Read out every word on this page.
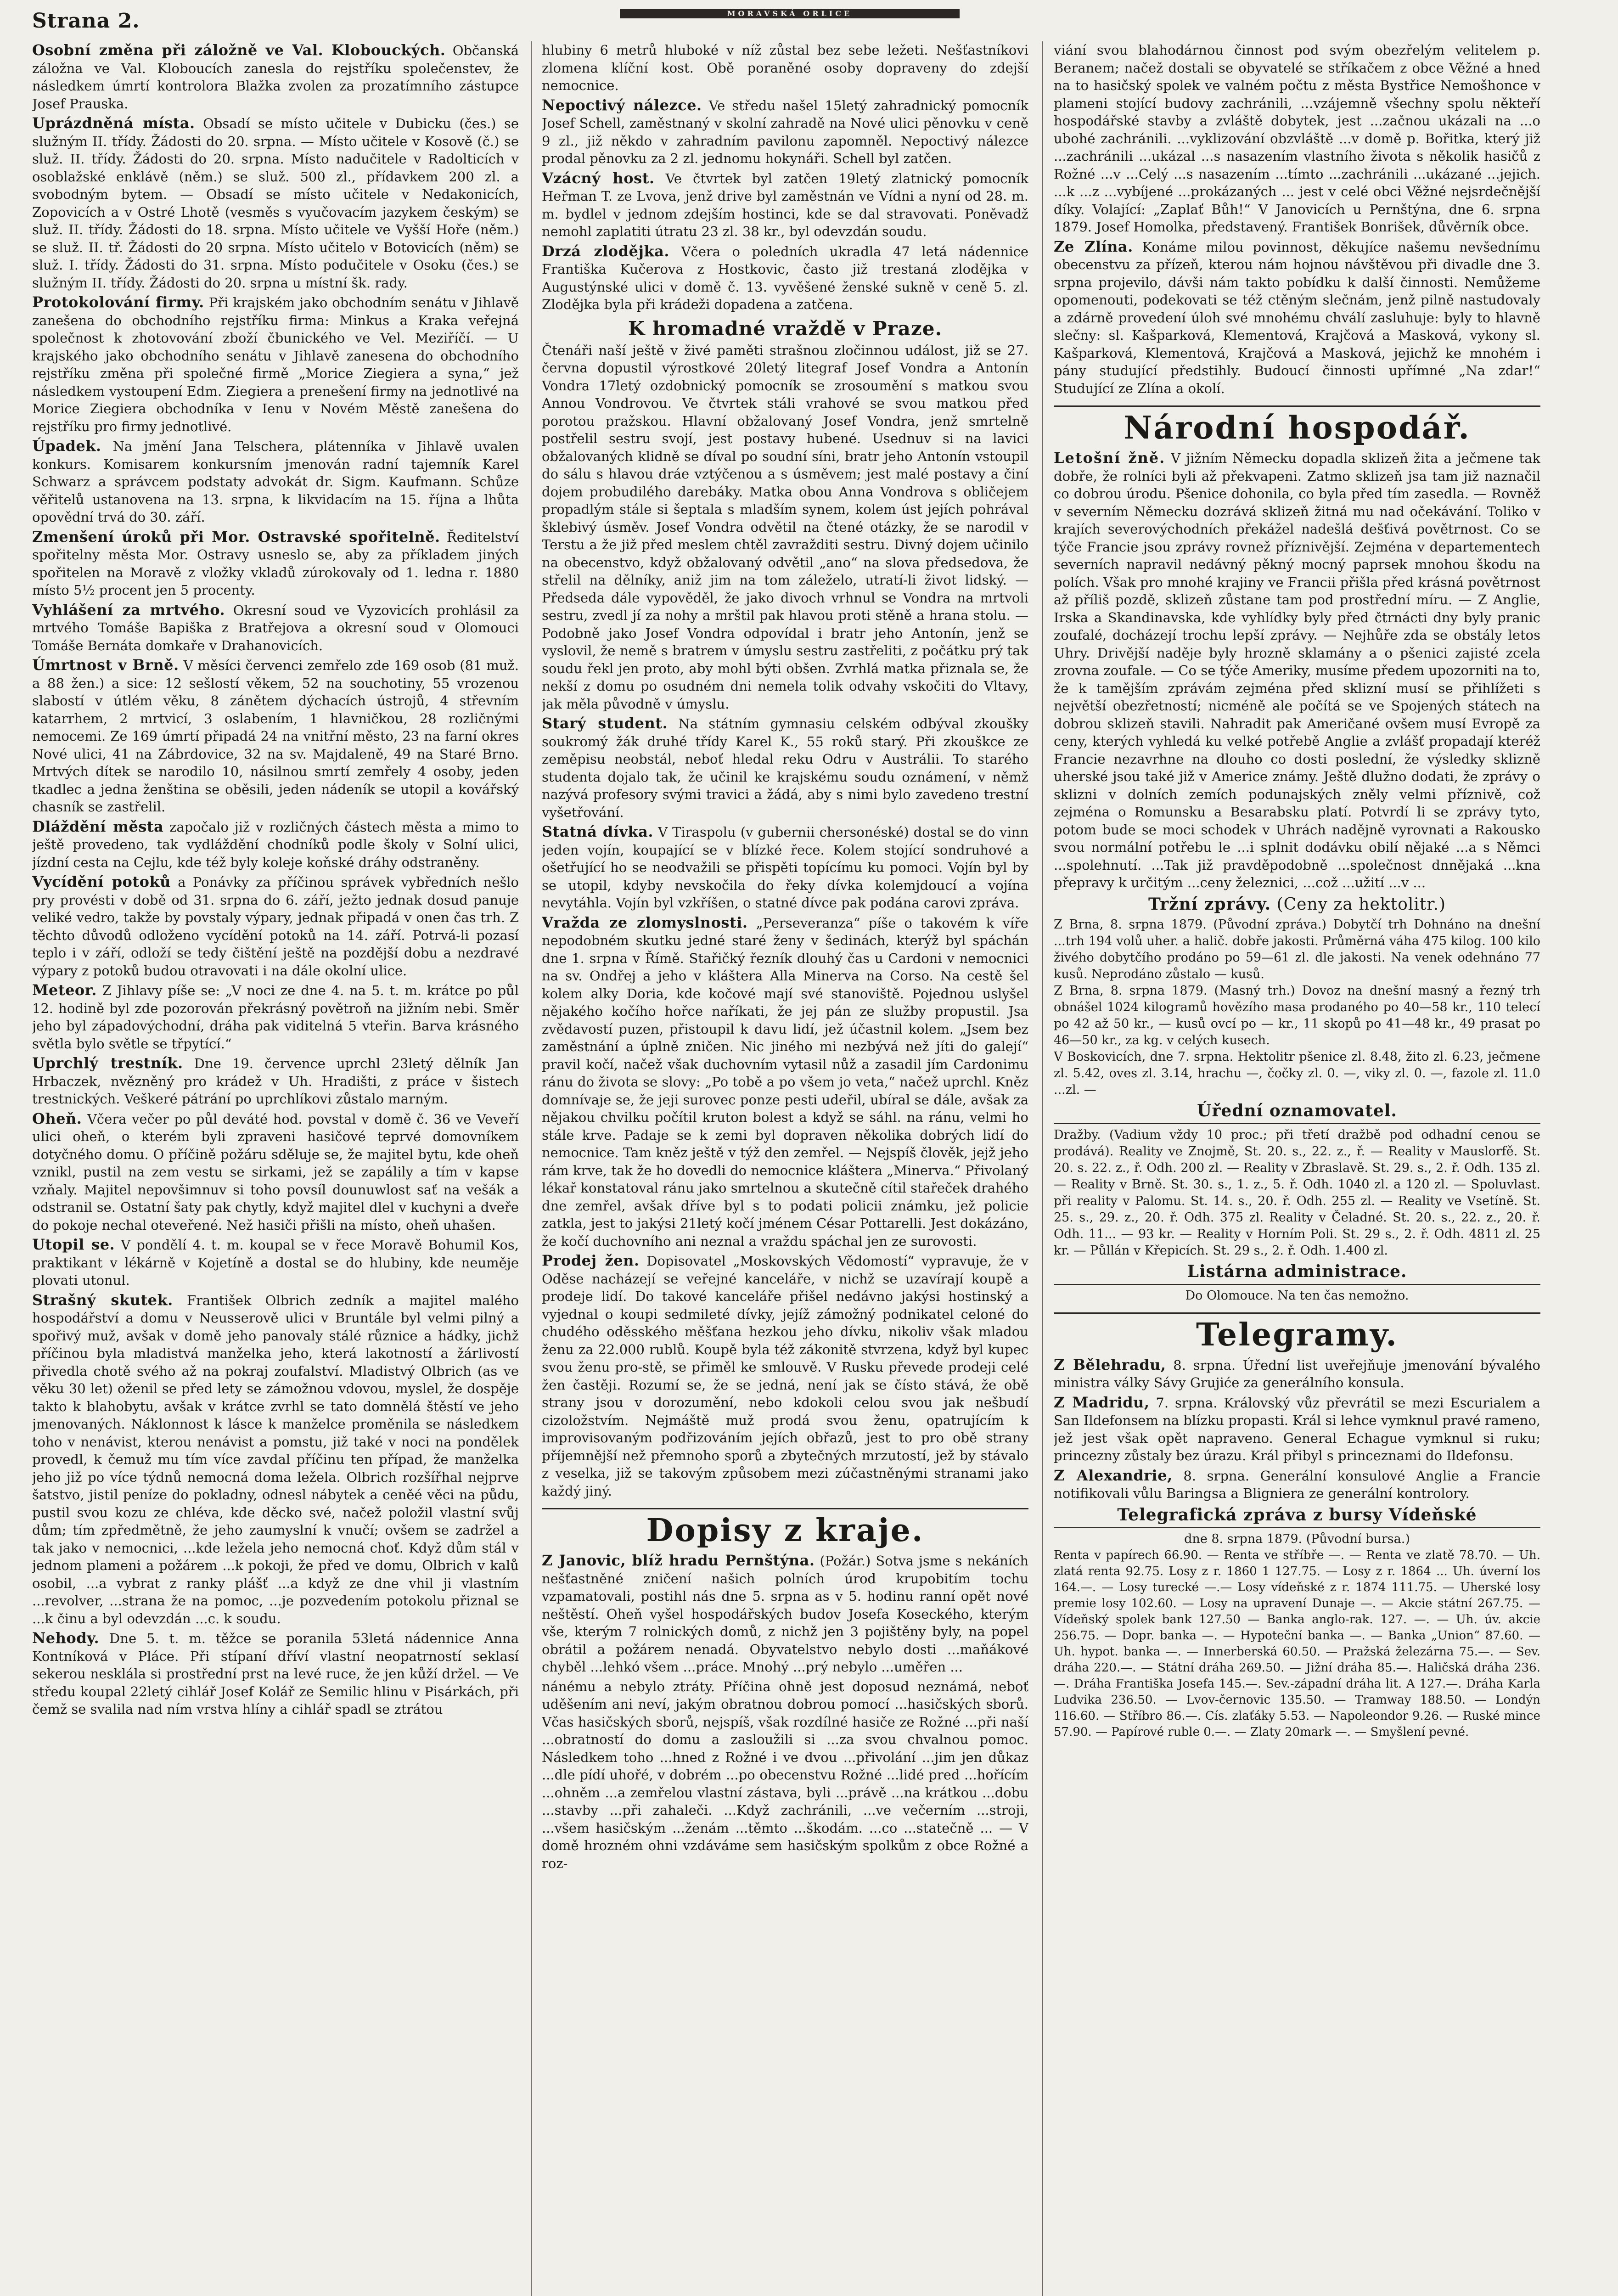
Strana 2.	MORAVSKÁ ORLICE

Osobní změna při záložně ve Val. Klobouckých. Občanská záložna ve Val. Kloboucích zanesla do rejstříku společenstev, že následkem úmrtí kontrolora Blažka zvolen za prozatímního zástupce Josef Prauska.

Uprázdněná místa. Obsadí se místo učitele v Dubicku (čes.) se služným II. třídy. Žádosti do 20. srpna. — Místo učitele v Kosově (č.) se služ. II. třídy. Žádosti do 20. srpna. Místo nadučitele v Radolticích v osoblažské enklávě (něm.) se služ. 500 zl., přídavkem 200 zl. a svobodným bytem. — Obsadí se místo učitele v Nedakonicích, Zopovicích a v Ostré Lhotě (vesměs s vyučovacím jazykem českým) se služ. II. třídy. Žádosti do 18. srpna. Místo učitele ve Vyšší Hoře (něm.) se služ. II. tř. Žádosti do 20 srpna. Místo učitelo v Botovicích (něm) se služ. I. třídy. Žádosti do 31. srpna. Místo podučitele v Osoku (čes.) se služným II. třídy. Žádosti do 20. srpna u místní šk. rady.

Protokolování firmy. Při krajském jako obchodním senátu v Jihlavě zanešena do obchodního rejstříku firma: Minkus a Kraka veřejná společnost k zhotovování zboží čbunického ve Vel. Meziříčí. — U krajského jako obchodního senátu v Jihlavě zanesena do obchodního rejstříku změna při společné firmě „Morice Ziegiera a syna,“ jež následkem vystoupení Edm. Ziegiera a prenešení firmy na jednotlivé na Morice Ziegiera obchodníka v Ienu v Novém Městě zanešena do rejstříku pro firmy jednotlivé.

Úpadek. Na jmění Jana Telschera, plátenníka v Jihlavě uvalen konkurs. Komisarem konkursním jmenován radní tajemník Karel Schwarz a správcem podstaty advokát dr. Sigm. Kaufmann. Schůze věřitelů ustanovena na 13. srpna, k likvidacím na 15. října a lhůta opovědní trvá do 30. září.

Zmenšení úroků při Mor. Ostravské spořitelně. Ředitelství spořitelny města Mor. Ostravy usneslo se, aby za příkladem jiných spořitelen na Moravě z vložky vkladů zúrokovaly od 1. ledna r. 1880 místo 5½ procent jen 5 procenty.

Vyhlášení za mrtvého. Okresní soud ve Vyzovicích prohlásil za mrtvého Tomáše Bapiška z Bratřejova a okresní soud v Olomouci Tomáše Bernáta domkaře v Drahanovicích.

Úmrtnost v Brně. V měsíci červenci zemřelo zde 169 osob (81 muž. a 88 žen.) a sice: 12 sešlostí věkem, 52 na souchotiny, 55 vrozenou slabostí v útlém věku, 8 zánětem dýchacích ústrojů, 4 střevním katarrhem, 2 mrtvicí, 3 oslabením, 1 hlavničkou, 28 rozličnými nemocemi. Ze 169 úmrtí připadá 24 na vnitřní město, 23 na farní okres Nové ulici, 41 na Zábrdovice, 32 na sv. Majdaleně, 49 na Staré Brno. Mrtvých dítek se narodilo 10, násilnou smrtí zemřely 4 osoby, jeden tkadlec a jedna ženština se oběsili, jeden nádeník se utopil a kovářský chasník se zastřelil.

Dláždění města započalo již v rozličných částech města a mimo to ještě provedeno, tak vydláždění chodníků podle školy v Solní ulici, jízdní cesta na Cejlu, kde též byly koleje koňské dráhy odstraněny.

Vycídění potoků a Ponávky za příčinou správek vybředních nešlo pry provésti v době od 31. srpna do 6. září, ježto jednak dosud panuje veliké vedro, takže by povstaly výpary, jednak připadá v onen čas trh. Z těchto důvodů odloženo vycídění potoků na 14. září. Potrvá-li pozasí teplo i v září, odloží se tedy čištění ještě na pozdější dobu a nezdravé výpary z potoků budou otravovati i na dále okolní ulice.

Meteor. Z Jihlavy píše se: „V noci ze dne 4. na 5. t. m. krátce po půl 12. hodině byl zde pozorován překrásný povětroň na jižním nebi. Směr jeho byl západovýchodní, dráha pak viditelná 5 vteřin. Barva krásného světla bylo světle se třpytící.“

Uprchlý trestník. Dne 19. července uprchl 23letý dělník Jan Hrbaczek, nvězněný pro krádež v Uh. Hradišti, z práce v šistech trestnických. Veškeré pátrání po uprchlíkovi zůstalo marným.

Oheň. Včera večer po půl deváté hod. povstal v domě č. 36 ve Veveří ulici oheň, o kterém byli zpraveni hasičové teprvé domovníkem dotyčného domu. O příčině požáru sděluje se, že majitel bytu, kde oheň vznikl, pustil na zem vestu se sirkami, jež se zapálily a tím v kapse vzňaly. Majitel nepovšimnuv si toho povsíl dounuwlost sať na vešák a odstranil se. Ostatní šaty pak chytly, když majitel dlel v kuchyni a dveře do pokoje nechal oteveřené. Než hasiči přišli na místo, oheň uhašen.

Utopil se. V pondělí 4. t. m. koupal se v řece Moravě Bohumil Kos, praktikant v lékárně v Kojetíně a dostal se do hlubiny, kde neuměje plovati utonul.

Strašný skutek. František Olbrich zedník a majitel malého hospodářství a domu v Neusserově ulici v Bruntále byl velmi pilný a spořivý muž, avšak v domě jeho panovaly stálé různice a hádky, jichž příčinou byla mladistvá manželka jeho, která lakotností a žárlivostí přivedla chotě svého až na pokraj zoufalství. Mladistvý Olbrich (as ve věku 30 let) oženil se před lety se zámožnou vdovou, myslel, že dospěje takto k blahobytu, avšak v krátce zvrhl se tato domnělá štěstí ve jeho jmenovaných. Náklonnost k lásce k manželce proměnila se následkem toho v nenávist, kterou nenávist a pomstu, již také v noci na pondělek provedl, k čemuž mu tím více zavdal příčinu ten případ, že manželka jeho již po více týdnů nemocná doma ležela. Olbrich rozšířhal nejprve šatstvo, jistil peníze do pokladny, odnesl nábytek a ceněé věci na půdu, pustil svou kozu ze chléva, kde děcko své, načež položil vlastní svůj dům; tím zpředmětně, že jeho zaumyslní k vnučí; ovšem se zadržel a tak jako v nemocnici, ...kde ležela jeho nemocná choť. Když dům stál v jednom plameni a požárem ...k pokoji, že před ve domu, Olbrich v kalů osobil, ...a vybrat z ranky plášť ...a když ze dne vhil ji vlastním ...revolver, ...strana že na pomoc, ...je pozvedením potokolu přiznal se ...k činu a byl odevzdán ...c. k soudu.

Nehody. Dne 5. t. m. těžce se poranila 53letá nádennice Anna Kontníková v Pláce. Při stípaní dříví vlastní neopatrností seklasí sekerou nesklála si prostřední prst na levé ruce, že jen kůží držel. — Ve středu koupal 22letý cihlář Josef Kolář ze Semilic hlinu v Pisárkách, při čemž se svalila nad ním vrstva hlíny a cihlář spadl se ztrátou

hlubiny 6 metrů hluboké v níž zůstal bez sebe ležeti. Nešťastníkovi zlomena klíční kost. Obě poraněné osoby dopraveny do zdejší nemocnice.

Nepoctivý nálezce. Ve středu našel 15letý zahradnický pomocník Josef Schell, zaměstnaný v skolní zahradě na Nové ulici pěnovku v ceně 9 zl., již někdo v zahradním pavilonu zapomněl. Nepoctivý nálezce prodal pěnovku za 2 zl. jednomu hokynáři. Schell byl zatčen.

Vzácný host. Ve čtvrtek byl zatčen 19letý zlatnický pomocník Heřman T. ze Lvova, jenž drive byl zaměstnán ve Vídni a nyní od 28. m. m. bydlel v jednom zdejším hostinci, kde se dal stravovati. Poněvadž nemohl zaplatiti útratu 23 zl. 38 kr., byl odevzdán soudu.

Drzá zlodějka. Včera o poledních ukradla 47 letá nádennice Františka Kučerova z Hostkovic, často již trestaná zlodějka v Augustýnské ulici v domě č. 13. vyvěšené ženské sukně v ceně 5. zl. Zlodějka byla při krádeži dopadena a zatčena.

K hromadné vraždě v Praze.

Čtenáři naší ještě v živé paměti strašnou zločinnou událost, již se 27. června dopustil výrostkové 20letý litegraf Josef Vondra a Antonín Vondra 17letý ozdobnický pomocník se zrosoumění s matkou svou Annou Vondrovou. Ve čtvrtek stáli vrahové se svou matkou před porotou pražskou. Hlavní obžalovaný Josef Vondra, jenž smrtelně postřelil sestru svojí, jest postavy hubené. Usednuv si na lavici obžalovaných klidně se díval po soudní síni, bratr jeho Antonín vstoupil do sálu s hlavou dráe vztýčenou a s úsměvem; jest malé postavy a činí dojem probudilého darebáky. Matka obou Anna Vondrova s obličejem propadlým stále si šeptala s mladším synem, kolem úst jejích pohrával šklebivý úsměv. Josef Vondra odvětil na čtené otázky, že se narodil v Terstu a že již před meslem chtěl zavražditi sestru. Divný dojem učinilo na obecenstvo, když obžalovaný odvětil „ano“ na slova předsedova, že střelil na dělníky, aniž jim na tom záleželo, utratí-li život lidský. — Předseda dále vypověděl, že jako divoch vrhnul se Vondra na mrtvoli sestru, zvedl jí za nohy a mrštil pak hlavou proti stěně a hrana stolu. — Podobně jako Josef Vondra odpovídal i bratr jeho Antonín, jenž se vyslovil, že nemě s bratrem v úmyslu sestru zastřeliti, z počátku prý tak soudu řekl jen proto, aby mohl býti obšen. Zvrhlá matka přiznala se, že nekší z domu po osudném dni nemela tolik odvahy vskočiti do Vltavy, jak měla původně v úmyslu.

Starý student. Na státním gymnasiu celském odbýval zkoušky soukromý žák druhé třídy Karel K., 55 roků starý. Při zkouškce ze zeměpisu neobstál, neboť hledal reku Odru v Austrálii. To starého studenta dojalo tak, že učinil ke krajskému soudu oznámení, v němž nazývá profesory svými travici a žádá, aby s nimi bylo zavedeno trestní vyšetřování.

Statná dívka. V Tiraspolu (v gubernii chersonéské) dostal se do vinn jeden vojín, koupající se v blízké řece. Kolem stojící sondruhové a ošetřující ho se neodvažili se přispěti topícímu ku pomoci. Vojín byl by se utopil, kdyby nevskočila do řeky dívka kolemjdoucí a vojína nevytáhla. Vojín byl vzkříšen, o statné dívce pak podána carovi zpráva.

Vražda ze zlomyslnosti. „Perseveranza“ píše o takovém k víře nepodobném skutku jedné staré ženy v šedinách, kterýž byl spáchán dne 1. srpna v Římě. Stařičký řezník dlouhý čas u Cardoni v nemocnici na sv. Ondřej a jeho v kláštera Alla Minerva na Corso. Na cestě šel kolem alky Doria, kde kočové mají své stanoviště. Pojednou uslyšel nějakého kočího hořce naříkati, že jej pán ze služby propustil. Jsa zvědavostí puzen, přistoupil k davu lidí, jež účastnil kolem. „Jsem bez zaměstnání a úplně zničen. Nic jiného mi nezbývá než jíti do galejí“ pravil kočí, načež však duchovním vytasil nůž a zasadil jím Cardonimu ránu do života se slovy: „Po tobě a po všem jo veta,“ načež uprchl. Kněz domnívaje se, že jeji surovec ponze pesti udeřil, ubíral se dále, avšak za nějakou chvilku počítil kruton bolest a když se sáhl. na ránu, velmi ho stále krve. Padaje se k zemi byl dopraven několika dobrých lidí do nemocnice. Tam kněz ještě v týž den zemřel. — Nejspíš člověk, jejž jeho rám krve, tak že ho dovedli do nemocnice kláštera „Minerva.“ Přivolaný lékař konstatoval ránu jako smrtelnou a skutečně cítil stařeček drahého dne zemřel, avšak dříve byl s to podati policii známku, jež policie zatkla, jest to jakýsi 21letý kočí jménem César Pottarelli. Jest dokázáno, že kočí duchovního ani neznal a vraždu spáchal jen ze surovosti.

Prodej žen. Dopisovatel „Moskovských Vědomostí“ vypravuje, že v Oděse nacházejí se veřejné kanceláře, v nichž se uzavírají koupě a prodeje lidí. Do takové kanceláře přišel nedávno jakýsi hostinský a vyjednal o koupi sedmileté dívky, jejíž zámožný podnikatel celoné do chudého oděsského měšťana hezkou jeho dívku, nikoliv však mladou ženu za 22.000 rublů. Koupě byla též zákonitě stvrzena, když byl kupec svou ženu pro-stě, se přiměl ke smlouvě. V Rusku převede prodeji celé žen častěji. Rozumí se, že se jedná, není jak se čísto stává, že obě strany jsou v dorozumění, nebo kdokoli celou svou jak nešbudí cizoložstvím. Nejmáště muž prodá svou ženu, opatrujícím k improvisovaným podřizováním jejích obřazů, jest to pro obě strany příjemnější než přemnoho sporů a zbytečných mrzutostí, jež by stávalo z veselka, již se takovým způsobem mezi zúčastněnými stranami jako každý jiný.

Dopisy z kraje.

Z Janovic, blíž hradu Pernštýna. (Požár.) Sotva jsme s nekáních nešťastněné zničení našich polních úrod krupobitím tochu vzpamatovali, postihl nás dne 5. srpna as v 5. hodinu ranní opět nové neštěstí. Oheň vyšel hospodářských budov Josefa Koseckého, kterým vše, kterým 7 rolnických domů, z nichž jen 3 pojištěny byly, na popel obrátil a požárem nenadá. Obyvatelstvo nebylo dosti ...maňákové chyběl ...lehkó všem ...práce. Mnohý ...prý nebylo ...uměřen ...

nánému a nebylo ztráty. Příčina ohně jest doposud neznámá, neboť uděšením ani neví, jakým obratnou dobrou pomocí ...hasičských sborů. Včas hasičských sborů, nejspíš, však rozdílné hasiče ze Rožné ...při naší ...obratností do domu a zasloužili si ...za svou chvalnou pomoc. Následkem toho ...hned z Rožné i ve dvou ...přivolání ...jim jen důkaz ...dle pídí uhořé, v dobrém ...po obecenstvu Rožné ...lidé pred ...hořícím ...ohněm ...a zemřelou vlastní zástava, byli ...právě ...na krátkou ...dobu ...stavby ...při zahaleči. ...Když zachránili, ...ve večerním ...stroji, ...všem hasičským ...ženám ...těmto ...škodám. ...co ...statečně ... — V domě hrozném ohni vzdáváme sem hasičským spolkům z obce Rožné a roz-

viání svou blahodárnou činnost pod svým obezřelým velitelem p. Beranem; načež dostali se obyvatelé se stříkačem z obce Věžné a hned na to hasičský spolek ve valném počtu z města Bystřice Nemošhonce v plameni stojící budovy zachránili, ...vzájemně všechny spolu někteří hospodářské stavby a zvláště dobytek, jest ...začnou ukázali na ...o ubohé zachránili. ...vyklizování obzvláště ...v domě p. Bořitka, který již ...zachránili ...ukázal ...s nasazením vlastního života s několik hasičů z Rožné ...v ...Celý ...s nasazením ...tímto ...zachránili ...ukázané ...jejich. ...k ...z ...vybíjené ...prokázaných ... jest v celé obci Věžné nejsrdečnější díky. Volající: „Zaplať Bůh!“ V Janovicích u Pernštýna, dne 6. srpna 1879. Josef Homolka, představený. František Bonrišek, důvěrník obce.

Ze Zlína. Konáme milou povinnost, děkujíce našemu nevšednímu obecenstvu za přízeň, kterou nám hojnou návštěvou při divadle dne 3. srpna projevilo, dávši nám takto pobídku k další činnosti. Nemůžeme opomenouti, podekovati se též ctěným slečnám, jenž pilně nastudovaly a zdárně provedení úloh své mnohému chválí zasluhuje: byly to hlavně slečny: sl. Kašparková, Klementová, Krajčová a Masková, vykony sl. Kašparková, Klementová, Krajčová a Masková, jejichž ke mnohém i pány studující předstihly. Budoucí činnosti upřímné „Na zdar!“ Studující ze Zlína a okolí.

Národní hospodář.

Letošní žně. V jižním Německu dopadla sklizeň žita a ječmene tak dobře, že rolníci byli až překvapeni. Zatmo sklizeň jsa tam již naznačil co dobrou úrodu. Pšenice dohonila, co byla před tím zasedla. — Rovněž v severním Německu dozrává sklizeň žitná mu nad očekávání. Toliko v krajích severovýchodních překážel nadešlá dešťivá povětrnost. Co se týče Francie jsou zprávy rovnež příznivější. Zejména v departementech severních napravil nedávný pěkný mocný paprsek mnohou škodu na polích. Však pro mnohé krajiny ve Francii přišla před krásná povětrnost až příliš pozdě, sklizeň zůstane tam pod prostřední míru. — Z Anglie, Irska a Skandinavska, kde vyhlídky byly před čtrnácti dny byly pranic zoufalé, docházejí trochu lepší zprávy. — Nejhůře zda se obstály letos Uhry. Drivější naděje byly hrozně sklamány a o pšenici zajisté zcela zrovna zoufale. — Co se týče Ameriky, musíme předem upozorniti na to, že k tamějším zprávám zejména před sklizní musí se přihlížeti s největší obezřetností; nicméně ale počítá se ve Spojených státech na dobrou sklizeň stavili. Nahradit pak Američané ovšem musí Evropě za ceny, kterých vyhledá ku velké potřebě Anglie a zvlášť propadají kteréž Francie nezavrhne na dlouho co dosti poslední, že výsledky sklizně uherské jsou také již v Americe známy. Ještě dlužno dodati, že zprávy o sklizni v dolních zemích podunajských zněly velmi příznivě, což zejména o Romunsku a Besarabsku platí. Potvrdí li se zprávy tyto, potom bude se moci schodek v Uhrách nadějně vyrovnati a Rakousko svou normální potřebu le ...i splnit dodávku obilí nějaké ...a s Němci ...spolehnutí. ...Tak již pravděpodobně ...společnost dnnějaká ...kna přepravy k určitým ...ceny železnici, ...což ...užití ...v ...

Tržní zprávy. (Ceny za hektolitr.)

Z Brna, 8. srpna 1879. (Původní zpráva.) Dobytčí trh Dohnáno na dnešní ...trh 194 volů uher. a halič. dobře jakosti. Průměrná váha 475 kilog. 100 kilo živého dobytčího prodáno po 59—61 zl. dle jakosti. Na venek odehnáno 77 kusů. Neprodáno zůstalo — kusů.

Z Brna, 8. srpna 1879. (Masný trh.) Dovoz na dnešní masný a řezný trh obnášel 1024 kilogramů hovězího masa prodaného po 40—58 kr., 110 telecí po 42 až 50 kr., — kusů ovcí po — kr., 11 skopů po 41—48 kr., 49 prasat po 46—50 kr., za kg. v celých kusech.

V Boskovicích, dne 7. srpna. Hektolitr pšenice zl. 8.48, žito zl. 6.23, ječmene zl. 5.42, oves zl. 3.14, hrachu —, čočky zl. 0. —, viky zl. 0. —, fazole zl. 11.0 ...zl. —

Úřední oznamovatel.

Dražby. (Vadium vždy 10 proc.; při třetí dražbě pod odhadní cenou se prodává). Reality ve Znojmě, St. 20. s., 22. z., ř. — Reality v Mauslorfě. St. 20. s. 22. z., ř. Odh. 200 zl. — Reality v Zbraslavě. St. 29. s., 2. ř. Odh. 135 zl. — Reality v Brně. St. 30. s., 1. z., 5. ř. Odh. 1040 zl. a 120 zl. — Spoluvlast. při reality v Palomu. St. 14. s., 20. ř. Odh. 255 zl. — Reality ve Vsetíně. St. 25. s., 29. z., 20. ř. Odh. 375 zl. Reality v Čeladné. St. 20. s., 22. z., 20. ř. Odh. 11... — 93 kr. — Reality v Horním Poli. St. 29 s., 2. ř. Odh. 4811 zl. 25 kr. — Půllán v Křepicích. St. 29 s., 2. ř. Odh. 1.400 zl.

Listárna administrace.

Do Olomouce. Na ten čas nemožno.

Telegramy.

Z Bělehradu, 8. srpna. Úřední list uveřejňuje jmenování bývalého ministra války Sávy Grujiće za generálního konsula.

Z Madridu, 7. srpna. Královský vůz převrátil se mezi Escurialem a San Ildefonsem na blízku propasti. Král si lehce vymknul pravé rameno, jež jest však opět napraveno. General Echague vymknul si ruku; princezny zůstaly bez úrazu. Král přibyl s princeznami do Ildefonsu.

Z Alexandrie, 8. srpna. Generální konsulové Anglie a Francie notifikovali vůlu Baringsa a Bligniera ze generální kontrolory.

Telegrafická zpráva z bursy Vídeňské

dne 8. srpna 1879. (Původní bursa.)

Renta v papírech 66.90. — Renta ve stříbře —. — Renta ve zlatě 78.70. — Uh. zlatá renta 92.75. Losy z r. 1860 1 127.75. — Losy z r. 1864 ... Uh. úverní los 164.—. — Losy turecké —.— Losy vídeňské z r. 1874 111.75. — Uherské losy premie losy 102.60. — Losy na upravení Dunaje —. — Akcie státní 267.75. — Vídeňský spolek bank 127.50 — Banka anglo-rak. 127. —. — Uh. úv. akcie 256.75. — Dopr. banka —. — Hypoteční banka —. — Banka „Union“ 87.60. — Uh. hypot. banka —. — Innerberská 60.50. — Pražská železárna 75.—. — Sev. dráha 220.—. — Státní dráha 269.50. — Jižní dráha 85.—. Haličská dráha 236.—. Dráha Františka Josefa 145.—. Sev.-západní dráha lit. A 127.—. Dráha Karla Ludvika 236.50. — Lvov-černovic 135.50. — Tramway 188.50. — Londýn 116.60. — Stříbro 86.—. Cís. zlaťáky 5.53. — Napoleondor 9.26. — Ruské mince 57.90. — Papírové ruble 0.—. — Zlaty 20mark —. — Smyšlení pevné.
